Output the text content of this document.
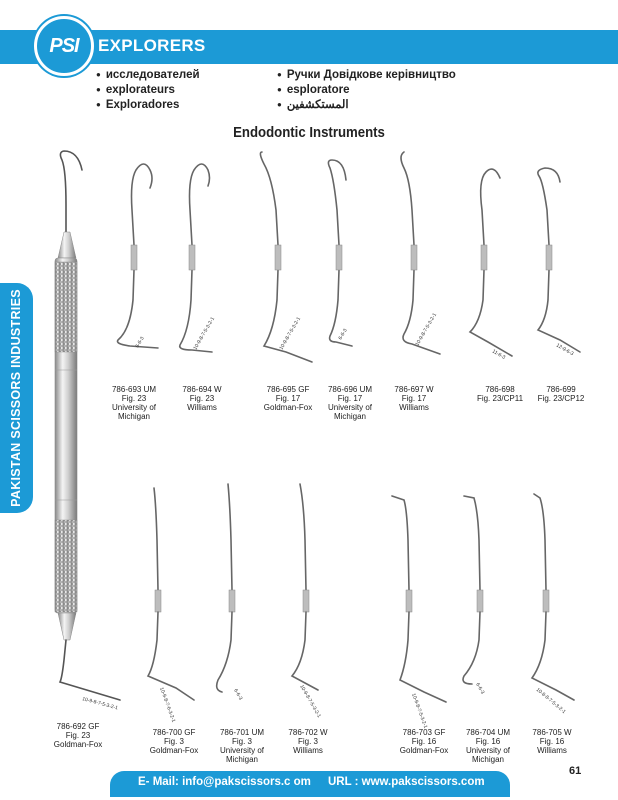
PSI EXPLORERS
● исследователей
● explorateurs
● Exploradores
● Ручки Довідкове керівництво
● esploratore
● المستكشفين
Endodontic Instruments
PAKISTAN SCISSORS INDUSTRIES
10-9-8-7-5-3-2-1
6-6-3	10-9-8-7-5-3-2-1	10-9-8-7-5-3-2-1	6-6-3	10-9-8-7-5-3-2-1
11-6-3	12-9-6-3
10-9-8-7-6-3-2-1	6-6-3	10-9-8-7-5-3-2-1	10-9-8-7-5-3-2-1
6-6-3	10-8-8-7-5-3-2-1
786-693 UM
Fig. 23
University of
Michigan
786-694 W
Fig. 23
Williams
786-695 GF
Fig. 17
Goldman-Fox
786-696 UM
Fig. 17
University of
Michigan
786-697 W
Fig. 17
Williams
786-698
Fig. 23/CP11
786-699
Fig. 23/CP12
786-692 GF
Fig. 23
Goldman-Fox
786-700 GF
Fig. 3
Goldman-Fox
786-701 UM
Fig. 3
University of
Michigan
786-702 W
Fig. 3
Williams
786-703 GF
Fig. 16
Goldman-Fox
786-704 UM
Fig. 16
University of
Michigan
786-705 W
Fig. 16
Williams
E- Mail: info@pakscissors.c om URL : www.pakscissors.com
61
